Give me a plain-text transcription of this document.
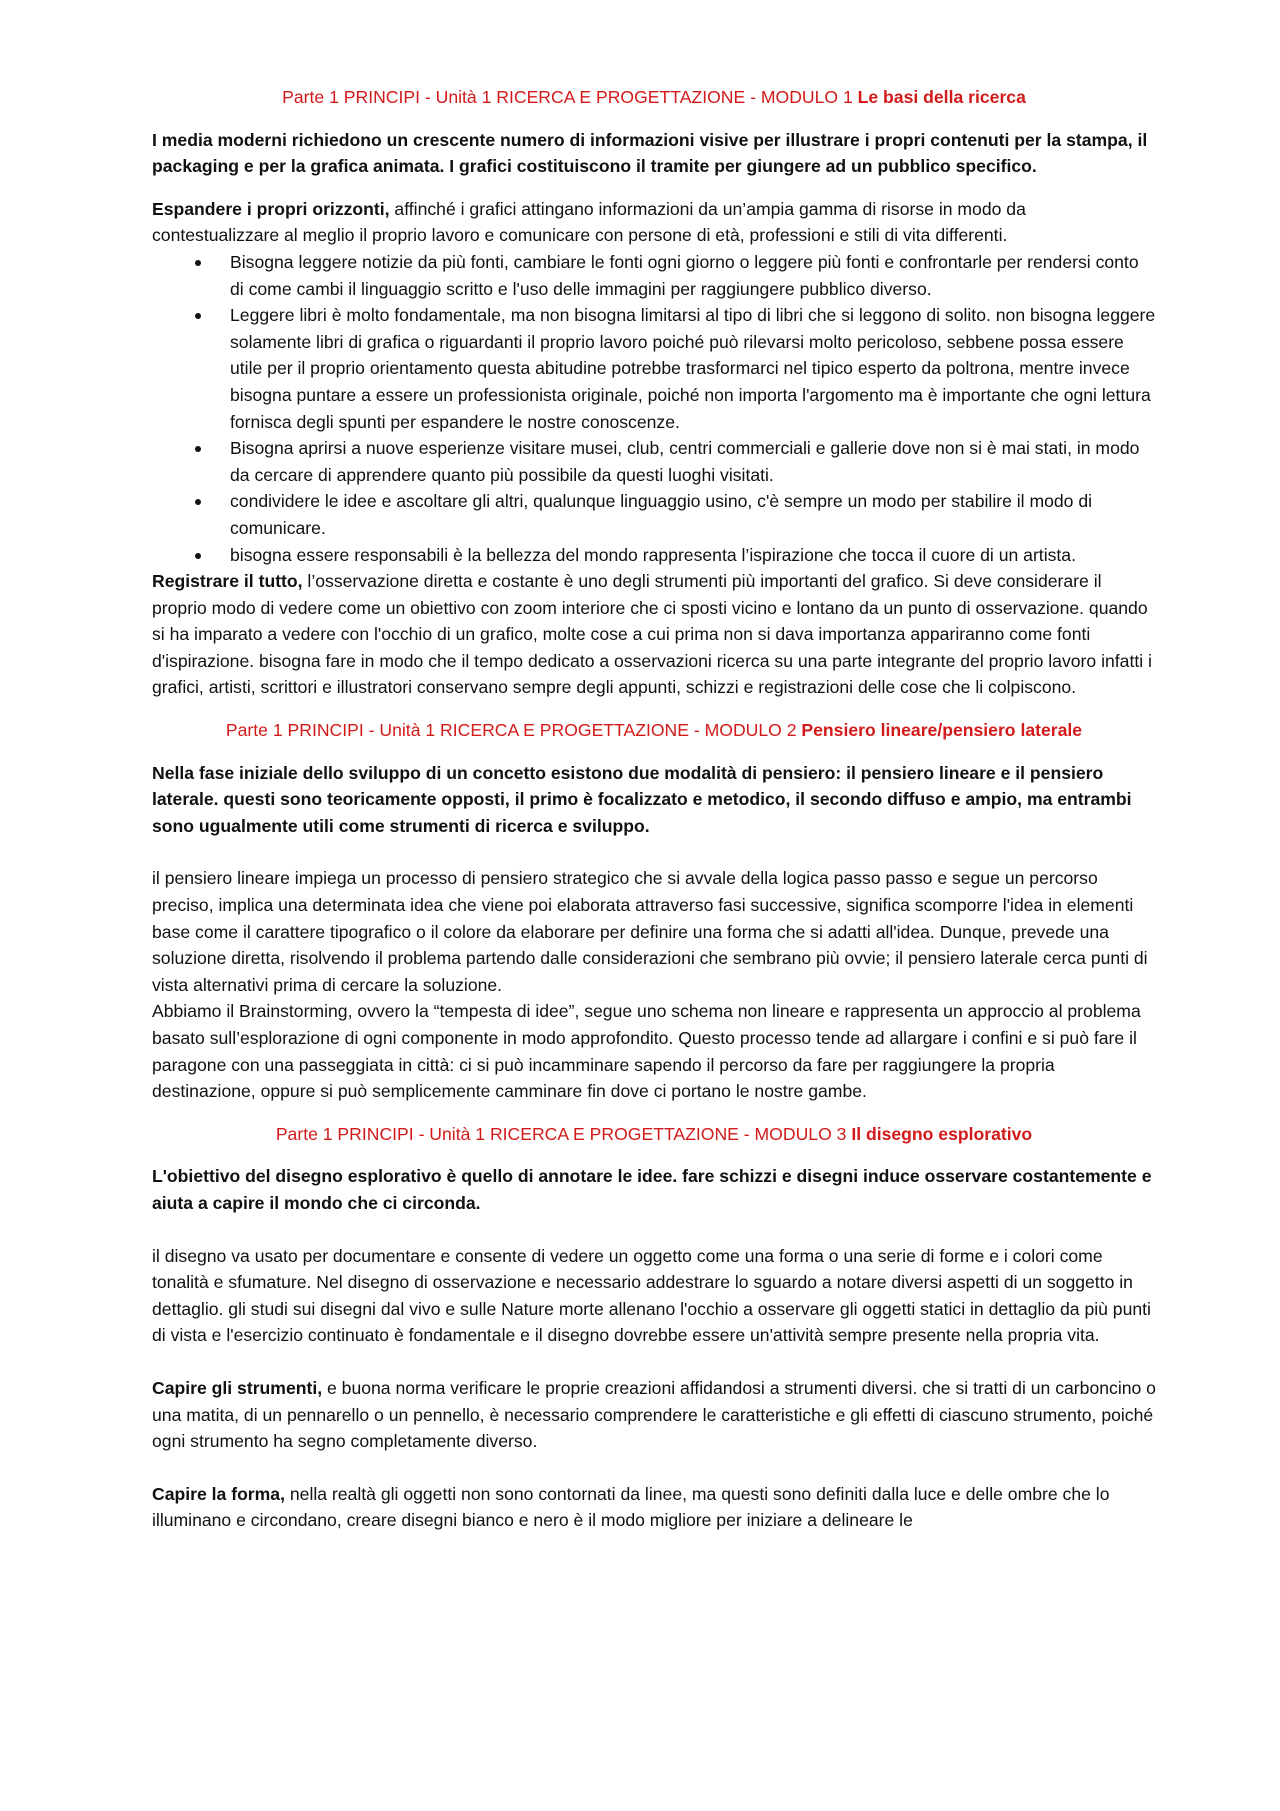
Parte 1 PRINCIPI - Unità 1 RICERCA E PROGETTAZIONE - MODULO 1 Le basi della ricerca

I media moderni richiedono un crescente numero di informazioni visive per illustrare i propri contenuti per la stampa, il packaging e per la grafica animata. I grafici costituiscono il tramite per giungere ad un pubblico specifico.

Espandere i propri orizzonti, affinché i grafici attingano informazioni da un’ampia gamma di risorse in modo da contestualizzare al meglio il proprio lavoro e comunicare con persone di età, professioni e stili di vita differenti.

Bisogna leggere notizie da più fonti, cambiare le fonti ogni giorno o leggere più fonti e confrontarle per rendersi conto di come cambi il linguaggio scritto e l'uso delle immagini per raggiungere pubblico diverso.
Leggere libri è molto fondamentale, ma non bisogna limitarsi al tipo di libri che si leggono di solito. non bisogna leggere solamente libri di grafica o riguardanti il proprio lavoro poiché può rilevarsi molto pericoloso, sebbene possa essere utile per il proprio orientamento questa abitudine potrebbe trasformarci nel tipico esperto da poltrona, mentre invece bisogna puntare a essere un professionista originale, poiché non importa l'argomento ma è importante che ogni lettura fornisca degli spunti per espandere le nostre conoscenze.
Bisogna aprirsi a nuove esperienze visitare musei, club, centri commerciali e gallerie dove non si è mai stati, in modo da cercare di apprendere quanto più possibile da questi luoghi visitati.
condividere le idee e ascoltare gli altri, qualunque linguaggio usino, c'è sempre un modo per stabilire il modo di comunicare.
bisogna essere responsabili è la bellezza del mondo rappresenta l’ispirazione che tocca il cuore di un artista.

Registrare il tutto, l’osservazione diretta e costante è uno degli strumenti più importanti del grafico. Si deve considerare il proprio modo di vedere come un obiettivo con zoom interiore che ci sposti vicino e lontano da un punto di osservazione. quando si ha imparato a vedere con l'occhio di un grafico, molte cose a cui prima non si dava importanza appariranno come fonti d'ispirazione. bisogna fare in modo che il tempo dedicato a osservazioni ricerca su una parte integrante del proprio lavoro infatti i grafici, artisti, scrittori e illustratori conservano sempre degli appunti, schizzi e registrazioni delle cose che li colpiscono.

Parte 1 PRINCIPI - Unità 1 RICERCA E PROGETTAZIONE - MODULO 2 Pensiero lineare/pensiero laterale

Nella fase iniziale dello sviluppo di un concetto esistono due modalità di pensiero: il pensiero lineare e il pensiero laterale. questi sono teoricamente opposti, il primo è focalizzato e metodico, il secondo diffuso e ampio, ma entrambi sono ugualmente utili come strumenti di ricerca e sviluppo.

il pensiero lineare impiega un processo di pensiero strategico che si avvale della logica passo passo e segue un percorso preciso, implica una determinata idea che viene poi elaborata attraverso fasi successive, significa scomporre l'idea in elementi base come il carattere tipografico o il colore da elaborare per definire una forma che si adatti all'idea. Dunque, prevede una soluzione diretta, risolvendo il problema partendo dalle considerazioni che sembrano più ovvie; il pensiero laterale cerca punti di vista alternativi prima di cercare la soluzione.

Abbiamo il Brainstorming, ovvero la “tempesta di idee”, segue uno schema non lineare e rappresenta un approccio al problema basato sull’esplorazione di ogni componente in modo approfondito. Questo processo tende ad allargare i confini e si può fare il paragone con una passeggiata in città: ci si può incamminare sapendo il percorso da fare per raggiungere la propria destinazione, oppure si può semplicemente camminare fin dove ci portano le nostre gambe.

Parte 1 PRINCIPI - Unità 1 RICERCA E PROGETTAZIONE - MODULO 3 Il disegno esplorativo

L'obiettivo del disegno esplorativo è quello di annotare le idee. fare schizzi e disegni induce osservare costantemente e aiuta a capire il mondo che ci circonda.

il disegno va usato per documentare e consente di vedere un oggetto come una forma o una serie di forme e i colori come tonalità e sfumature. Nel disegno di osservazione e necessario addestrare lo sguardo a notare diversi aspetti di un soggetto in dettaglio. gli studi sui disegni dal vivo e sulle Nature morte allenano l'occhio a osservare gli oggetti statici in dettaglio da più punti di vista e l'esercizio continuato è fondamentale e il disegno dovrebbe essere un'attività sempre presente nella propria vita.

Capire gli strumenti, e buona norma verificare le proprie creazioni affidandosi a strumenti diversi. che si tratti di un carboncino o una matita, di un pennarello o un pennello, è necessario comprendere le caratteristiche e gli effetti di ciascuno strumento, poiché ogni strumento ha segno completamente diverso.

Capire la forma, nella realtà gli oggetti non sono contornati da linee, ma questi sono definiti dalla luce e delle ombre che lo illuminano e circondano, creare disegni bianco e nero è il modo migliore per iniziare a delineare le
